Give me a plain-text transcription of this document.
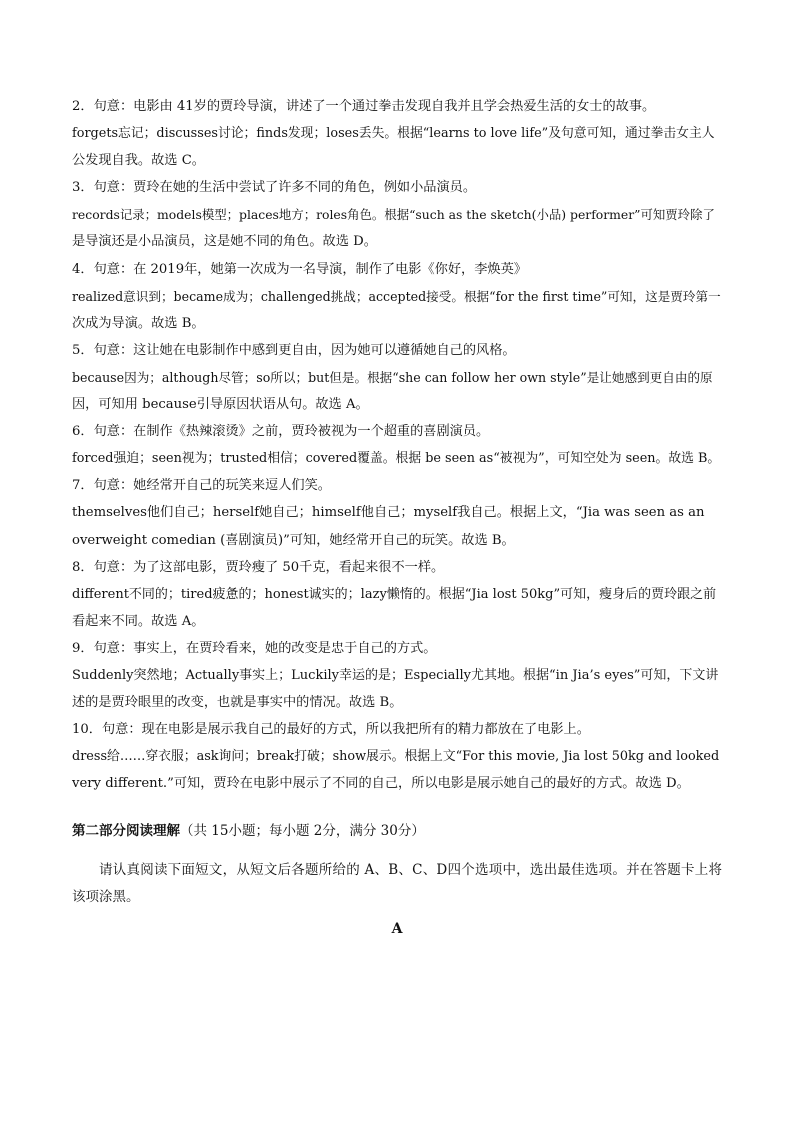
2．句意：电影由 41岁的贾玲导演，讲述了一个通过拳击发现自我并且学会热爱生活的女士的故事。
forgets忘记；discusses讨论；finds发现；loses丢失。根据“learns to love life”及句意可知，通过拳击女主人
公发现自我。故选 C。
3．句意：贾玲在她的生活中尝试了许多不同的角色，例如小品演员。
records记录；models模型；places地方；roles角色。根据“such as the sketch(小品) performer”可知贾玲除了
是导演还是小品演员，这是她不同的角色。故选 D。
4．句意：在 2019年，她第一次成为一名导演，制作了电影《你好，李焕英》
realized意识到；became成为；challenged挑战；accepted接受。根据“for the first time”可知，这是贾玲第一
次成为导演。故选 B。
5．句意：这让她在电影制作中感到更自由，因为她可以遵循她自己的风格。
because因为；although尽管；so所以；but但是。根据“she can follow her own style”是让她感到更自由的原
因，可知用 because引导原因状语从句。故选 A。
6．句意：在制作《热辣滚烫》之前，贾玲被视为一个超重的喜剧演员。
forced强迫；seen视为；trusted相信；covered覆盖。根据 be seen as“被视为”，可知空处为 seen。故选 B。
7．句意：她经常开自己的玩笑来逗人们笑。
themselves他们自己；herself她自己；himself他自己；myself我自己。根据上文，“Jia was seen as an
overweight comedian (喜剧演员)”可知，她经常开自己的玩笑。故选 B。
8．句意：为了这部电影，贾玲瘦了 50千克，看起来很不一样。
different不同的；tired疲惫的；honest诚实的；lazy懒惰的。根据“Jia lost 50kg”可知，瘦身后的贾玲跟之前
看起来不同。故选 A。
9．句意：事实上，在贾玲看来，她的改变是忠于自己的方式。
Suddenly突然地；Actually事实上；Luckily幸运的是；Especially尤其地。根据“in Jia’s eyes”可知，下文讲
述的是贾玲眼里的改变，也就是事实中的情况。故选 B。
10．句意：现在电影是展示我自己的最好的方式，所以我把所有的精力都放在了电影上。
dress给……穿衣服；ask询问；break打破；show展示。根据上文“For this movie, Jia lost 50kg and looked
very different.”可知，贾玲在电影中展示了不同的自己，所以电影是展示她自己的最好的方式。故选 D。
第二部分阅读理解（共 15小题；每小题 2分，满分 30分）
请认真阅读下面短文，从短文后各题所给的 A、B、C、D四个选项中，选出最佳选项。并在答题卡上将该项涂黑。
A
